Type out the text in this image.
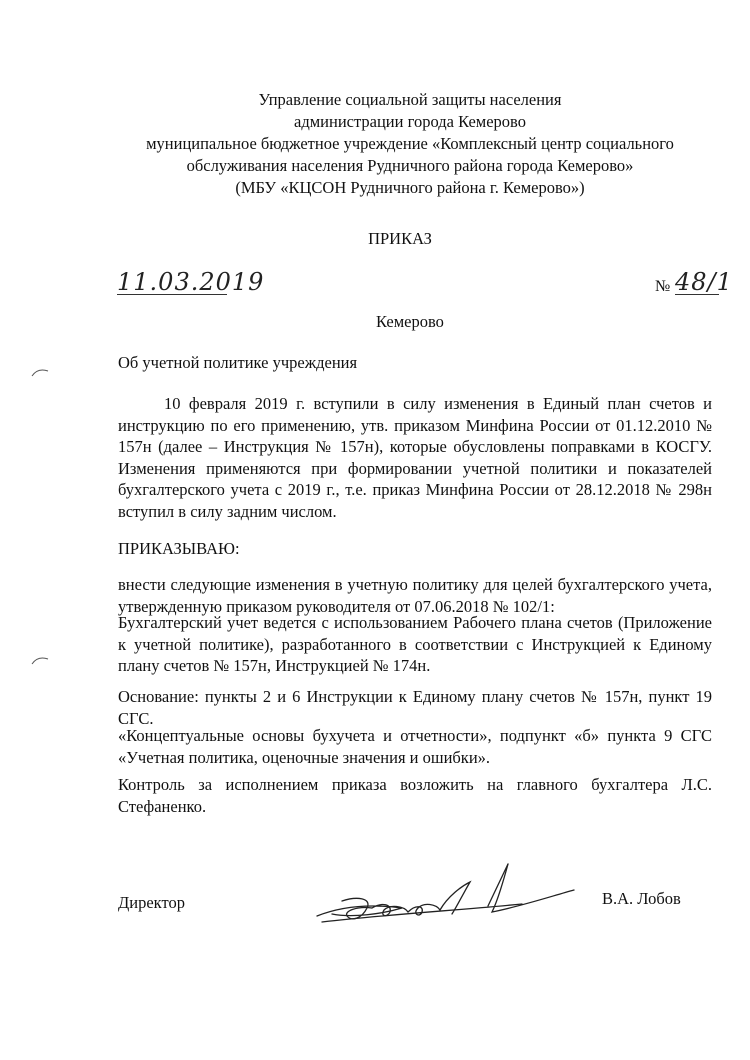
Управление социальной защиты населения
администрации города Кемерово
муниципальное бюджетное учреждение «Комплексный центр социального
обслуживания населения Рудничного района города Кемерово»
(МБУ «КЦСОН Рудничного района г. Кемерово»)
ПРИКАЗ
11.03.2019	№ 48/1
Кемерово
Об учетной политике учреждения

10 февраля 2019 г. вступили в силу изменения в Единый план счетов и инструкцию по его применению, утв. приказом Минфина России от 01.12.2010 № 157н (далее – Инструкция № 157н), которые обусловлены поправками в КОСГУ. Изменения применяются при формировании учетной политики и показателей бухгалтерского учета с 2019 г., т.е. приказ Минфина России от 28.12.2018 № 298н вступил в силу задним числом.

ПРИКАЗЫВАЮ:

внести следующие изменения в учетную политику для целей бухгалтерского учета, утвержденную приказом руководителя от 07.06.2018 № 102/1:

Бухгалтерский учет ведется с использованием Рабочего плана счетов (Приложение к учетной политике), разработанного в соответствии с Инструкцией к Единому плану счетов № 157н, Инструкцией № 174н.

Основание: пункты 2 и 6 Инструкции к Единому плану счетов № 157н, пункт 19 СГС.

«Концептуальные основы бухучета и отчетности», подпункт «б» пункта 9 СГС «Учетная политика, оценочные значения и ошибки».

Контроль за исполнением приказа возложить на главного бухгалтера Л.С. Стефаненко.

Директор	В.А. Лобов
